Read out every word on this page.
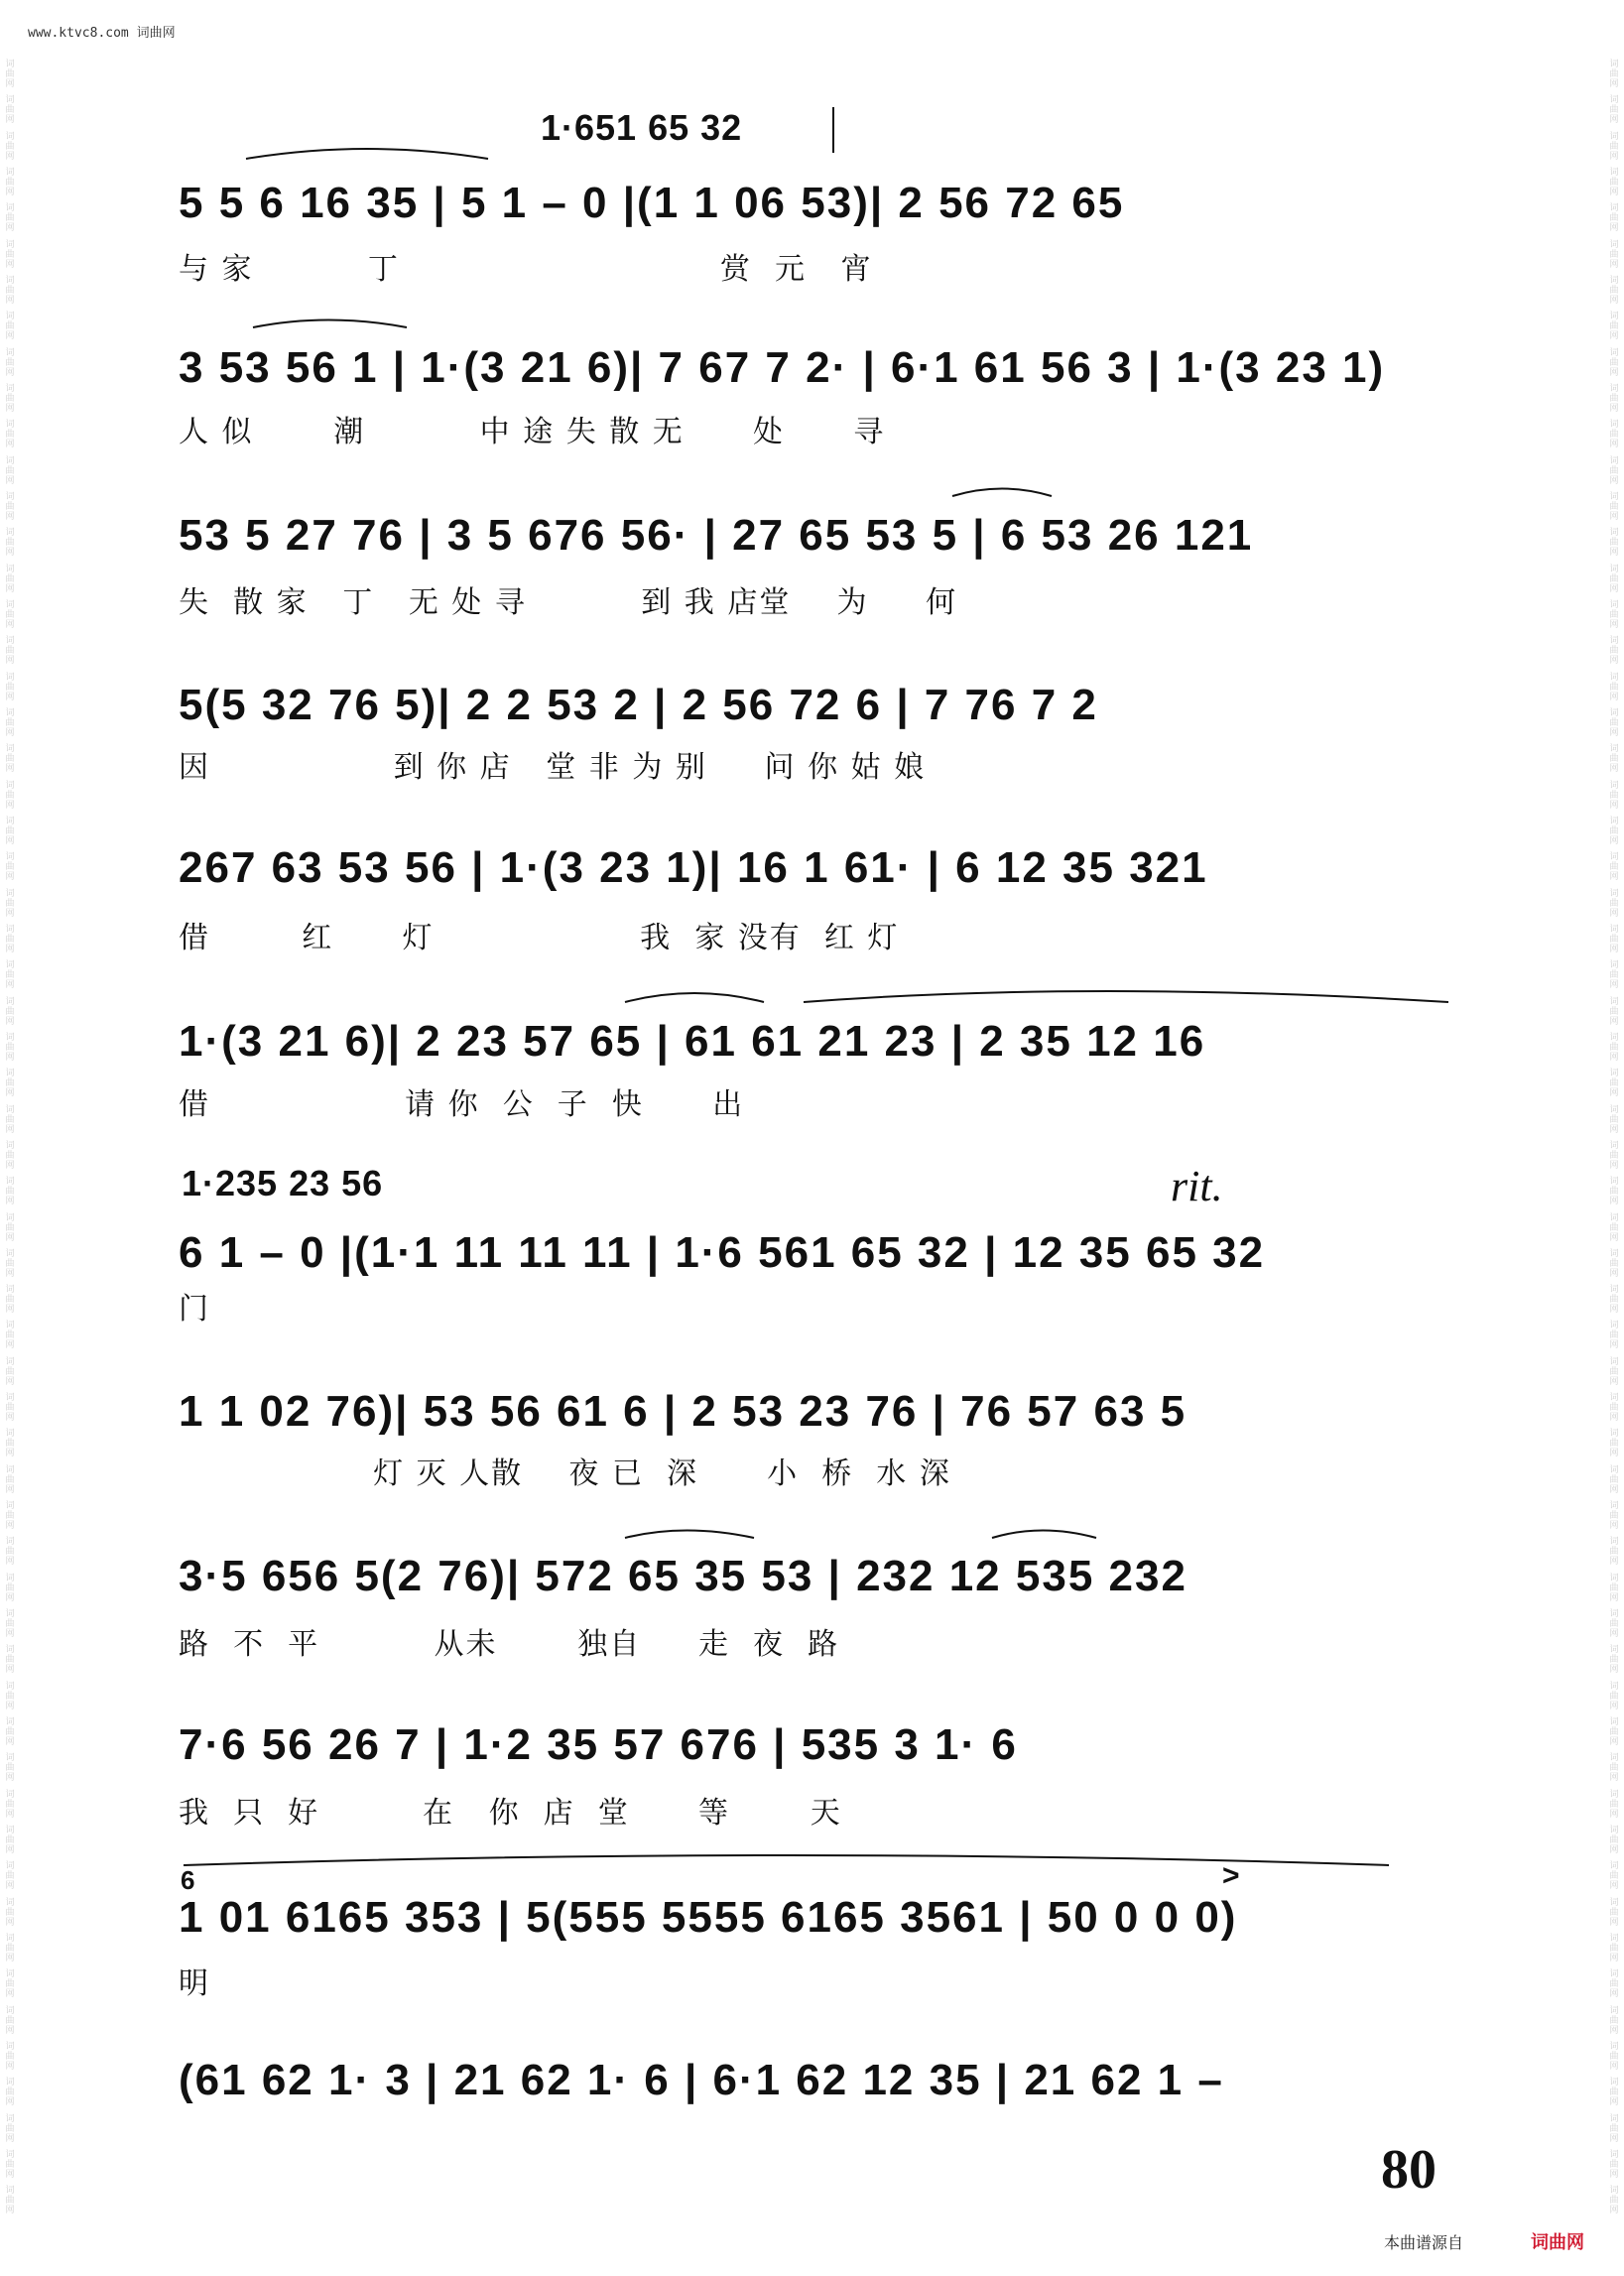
词曲网
词曲网
词曲网
词曲网
词曲网
词曲网
词曲网
词曲网
词曲网
词曲网
词曲网
词曲网
词曲网
词曲网
词曲网
词曲网
词曲网
词曲网
词曲网
词曲网
词曲网
词曲网
词曲网
词曲网
词曲网
词曲网
词曲网
词曲网
词曲网
词曲网
词曲网
词曲网
词曲网
词曲网
词曲网
词曲网
词曲网
词曲网
词曲网
词曲网
词曲网
词曲网
词曲网
词曲网
词曲网
词曲网
词曲网
词曲网
词曲网
词曲网
词曲网
词曲网
词曲网
词曲网
词曲网
词曲网
词曲网
词曲网
词曲网
词曲网
词曲网
词曲网
词曲网
词曲网
词曲网
词曲网
词曲网
词曲网
词曲网
词曲网
词曲网
词曲网
词曲网
词曲网
词曲网
词曲网
词曲网
词曲网
词曲网
词曲网
词曲网
词曲网
词曲网
词曲网
词曲网
词曲网
词曲网
词曲网
词曲网
词曲网
词曲网
词曲网
词曲网
词曲网
词曲网
词曲网
词曲网
词曲网
词曲网
词曲网
词曲网
词曲网
词曲网
词曲网
词曲网
词曲网
词曲网
词曲网
词曲网
词曲网
词曲网
词曲网
词曲网
词曲网
词曲网
词曲网
词曲网
词曲网
词曲网
词曲网
www.ktvc8.com 词曲网
1·651 65 32
5 5 6 16 35 | 5 1 – 0 |(1 1 06 53)| 2 56 72 65
与 家          丁                            赏  元   宵
3 53 56 1 | 1·(3 21 6)| 7 67 7 2· | 6·1 61 56 3 | 1·(3 23 1)
人 似       潮          中 途 失 散 无      处      寻
53 5 27 76 | 3 5 676 56· | 27 65 53 5 | 6 53 26 121
失  散 家   丁   无 处 寻          到 我 店堂    为     何
5(5 32 76 5)| 2 2 53 2 | 2 56 72 6 | 7 76 7 2
因                到 你 店   堂 非 为 别     问 你 姑 娘
267 63 53 56 | 1·(3 23 1)| 16 1 61· | 6 12 35 321
借        红      灯                  我  家 没有  红 灯
1·(3 21 6)| 2 23 57 65 | 61 61 21 23 | 2 35 12 16
借                 请 你  公  子  快      出
1·235 23 56	rit.
6 1 – 0 |(1·1 11 11 11 | 1·6 561 65 32 | 12 35 65 32
门
1 1 02 76)| 53 56 61 6 | 2 53 23 76 | 76 57 63 5
灯 灭 人散    夜 已  深      小  桥  水 深
3·5 656 5(2 76)| 572 65 35 53 | 232 12 535 232
路  不  平          从未       独自     走  夜  路
7·6 56 26 7 | 1·2 35 57 676 | 535 3 1· 6
我  只  好         在   你  店  堂      等       天
6	>
1 01 6165 353 | 5(555 5555 6165 3561 | 50 0 0 0)
明
(61 62 1· 3 | 21 62 1· 6 | 6·1 62 12 35 | 21 62 1 –
80
本曲谱源自	词曲网
